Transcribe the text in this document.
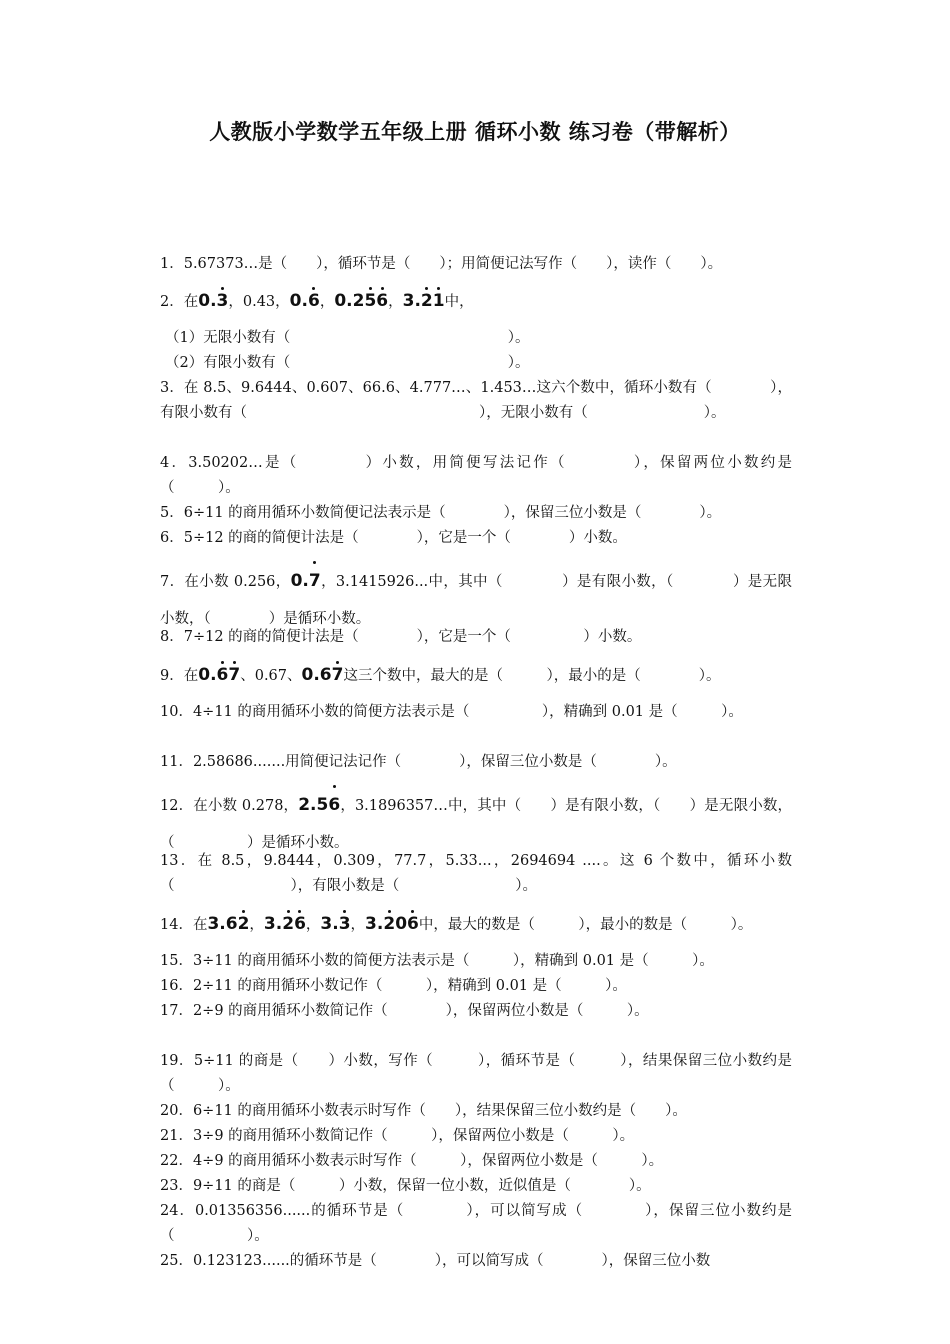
人教版小学数学五年级上册 循环小数 练习卷（带解析）
1．5.67373…是（　　），循环节是（　　）；用简便记法写作（　　），读作（　　）。
2．在0.3，0.43，0.6，0.256，3.21中，
（1）无限小数有（　　　　　　　　　　　　　　　）。
（2）有限小数有（　　　　　　　　　　　　　　　）。
3．在 8.5、9.6444、0.607、66.6、4.777…、1.453…这六个数中，循环小数有（　　　　），有限小数有（　　　　　　　　　　　　　　　　），无限小数有（　　　　　　　　）。
4．3.50202…是（　　　　）小数，用简便写法记作（　　　　），保留两位小数约是（　　　）。
5．6÷11 的商用循环小数简便记法表示是（　　　　），保留三位小数是（　　　　）。
6．5÷12 的商的简便计法是（　　　　），它是一个（　　　　）小数。
7．在小数 0.256，0.7，3.1415926...中，其中（　　　　）是有限小数，（　　　　）是无限小数，（　　　　）是循环小数。
8．7÷12 的商的简便计法是（　　　　），它是一个（　　　　　）小数。
9．在0.67、0.67、0.67这三个数中，最大的是（　　　），最小的是（　　　　）。
10．4÷11 的商用循环小数的简便方法表示是（　　　　　），精确到 0.01 是（　　　）。
11．2.58686.......用简便记法记作（　　　　），保留三位小数是（　　　　）。
12．在小数 0.278，2.56，3.1896357…中，其中（　　）是有限小数，（　　）是无限小数，（　　　　　）是循环小数。
13．在 8.5，9.8444，0.309，77.7，5.33...，2694694 ....。这 6 个数中，循环小数（　　　　　　　　），有限小数是（　　　　　　　　）。
14．在3.62，3.26，3.3，3.206中，最大的数是（　　　），最小的数是（　　　）。
15．3÷11 的商用循环小数的简便方法表示是（　　　），精确到 0.01 是（　　　）。
16．2÷11 的商用循环小数记作（　　　），精确到 0.01 是（　　　）。
17．2÷9 的商用循环小数简记作（　　　　），保留两位小数是（　　　）。
19．5÷11 的商是（　　）小数，写作（　　　），循环节是（　　　），结果保留三位小数约是（　　　）。
20．6÷11 的商用循环小数表示时写作（　　），结果保留三位小数约是（　　）。
21．3÷9 的商用循环小数简记作（　　　），保留两位小数是（　　　）。
22．4÷9 的商用循环小数表示时写作（　　　），保留两位小数是（　　　）。
23．9÷11 的商是（　　　）小数，保留一位小数，近似值是（　　　　）。
24．0.01356356......的循环节是（　　　　），可以简写成（　　　　），保留三位小数约是（　　　　　）。
25．0.123123......的循环节是（　　　　），可以简写成（　　　　），保留三位小数
